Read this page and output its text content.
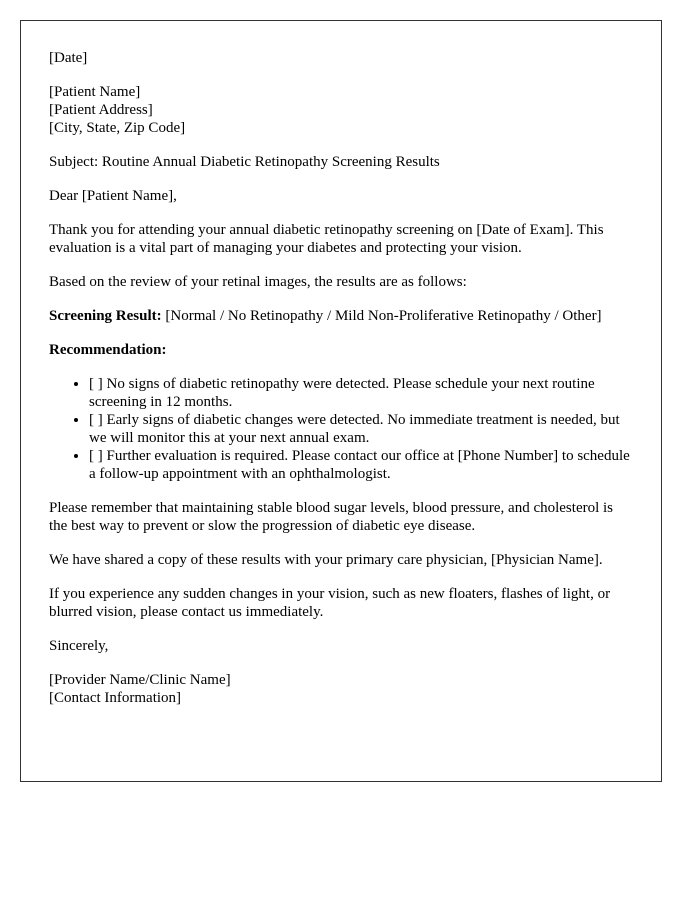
[Date]

[Patient Name]
[Patient Address]
[City, State, Zip Code]

Subject: Routine Annual Diabetic Retinopathy Screening Results

Dear [Patient Name],

Thank you for attending your annual diabetic retinopathy screening on [Date of Exam]. This evaluation is a vital part of managing your diabetes and protecting your vision.

Based on the review of your retinal images, the results are as follows:

Screening Result: [Normal / No Retinopathy / Mild Non-Proliferative Retinopathy / Other]

Recommendation:

• [ ] No signs of diabetic retinopathy were detected. Please schedule your next routine screening in 12 months.
• [ ] Early signs of diabetic changes were detected. No immediate treatment is needed, but we will monitor this at your next annual exam.
• [ ] Further evaluation is required. Please contact our office at [Phone Number] to schedule a follow-up appointment with an ophthalmologist.

Please remember that maintaining stable blood sugar levels, blood pressure, and cholesterol is the best way to prevent or slow the progression of diabetic eye disease.

We have shared a copy of these results with your primary care physician, [Physician Name].

If you experience any sudden changes in your vision, such as new floaters, flashes of light, or blurred vision, please contact us immediately.

Sincerely,

[Provider Name/Clinic Name]
[Contact Information]
